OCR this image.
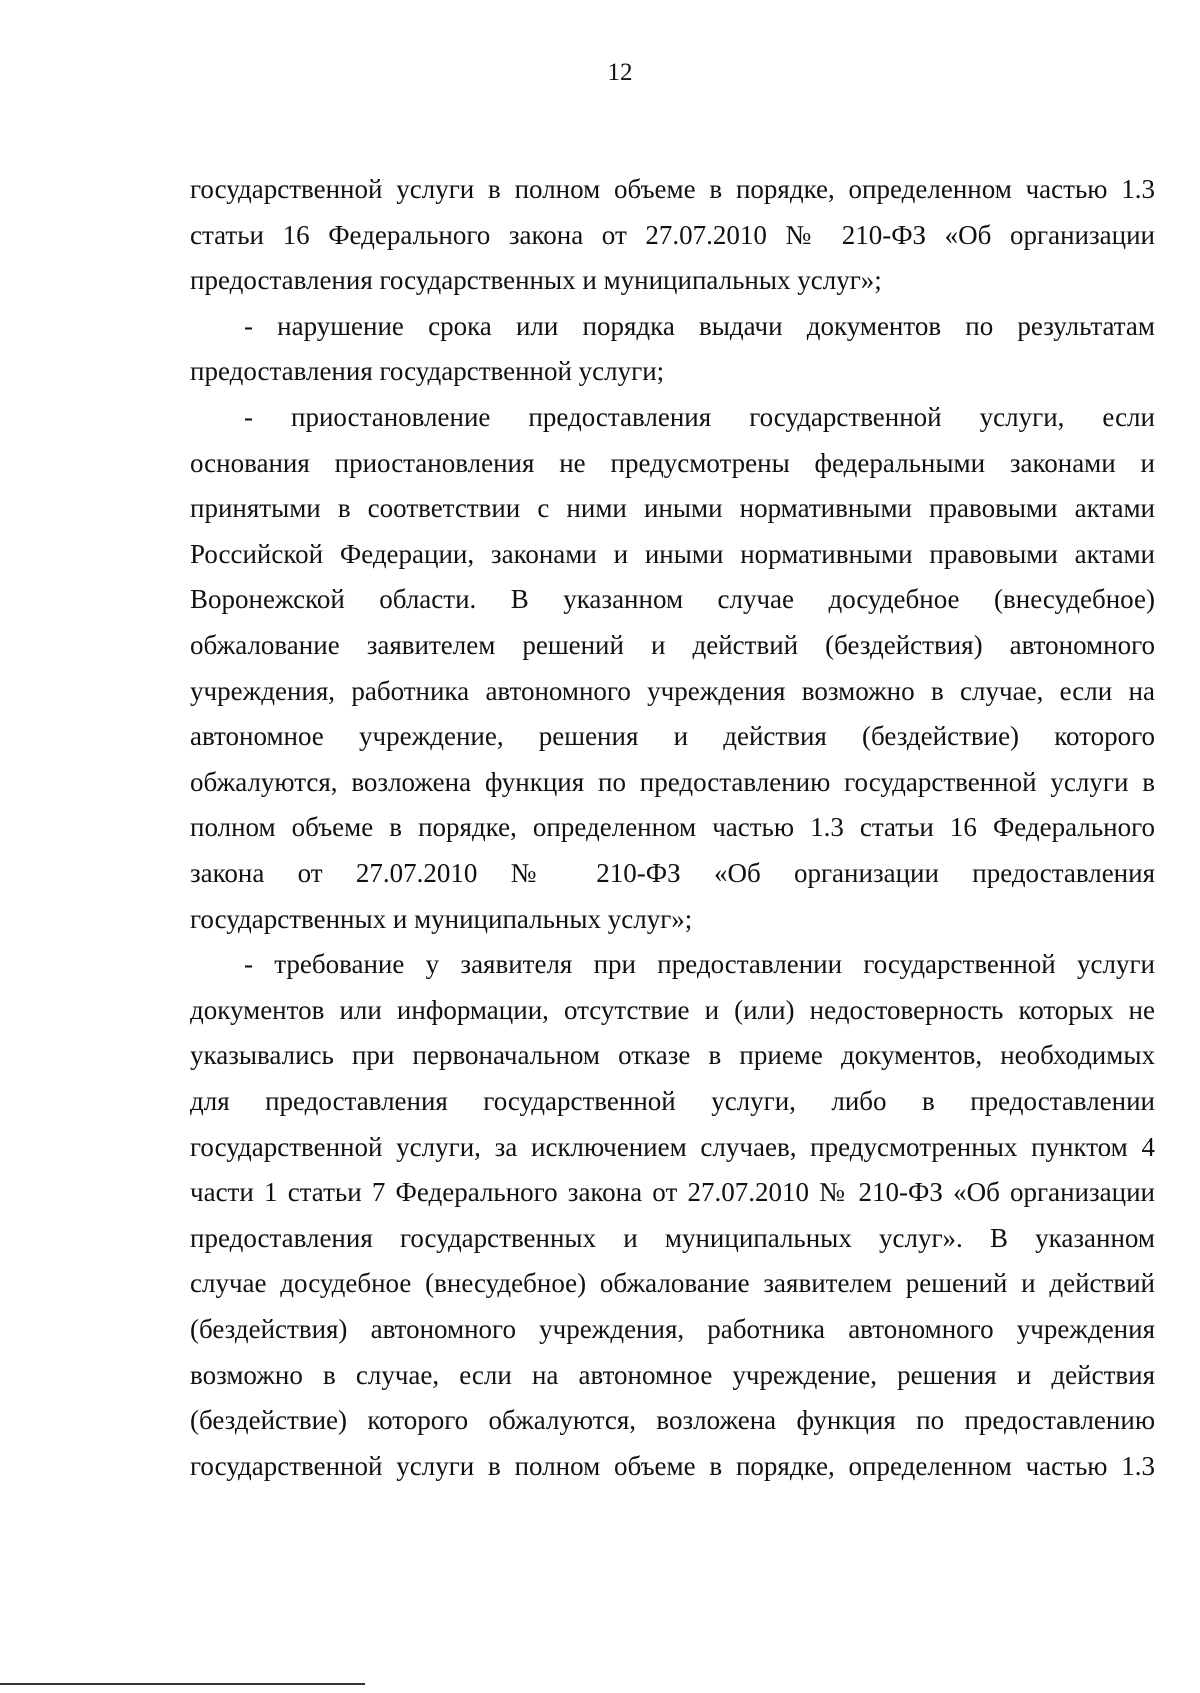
12
государственной услуги в полном объеме в порядке, определенном частью 1.3
статьи 16 Федерального закона от 27.07.2010 № 210-ФЗ «Об организации
предоставления государственных и муниципальных услуг»;
- нарушение срока или порядка выдачи документов по результатам
предоставления государственной услуги;
- приостановление предоставления государственной услуги, если
основания приостановления не предусмотрены федеральными законами и
принятыми в соответствии с ними иными нормативными правовыми актами
Российской Федерации, законами и иными нормативными правовыми актами
Воронежской области. В указанном случае досудебное (внесудебное)
обжалование заявителем решений и действий (бездействия) автономного
учреждения, работника автономного учреждения возможно в случае, если на
автономное учреждение, решения и действия (бездействие) которого
обжалуются, возложена функция по предоставлению государственной услуги в
полном объеме в порядке, определенном частью 1.3 статьи 16 Федерального
закона от 27.07.2010 № 210-ФЗ «Об организации предоставления
государственных и муниципальных услуг»;
- требование у заявителя при предоставлении государственной услуги
документов или информации, отсутствие и (или) недостоверность которых не
указывались при первоначальном отказе в приеме документов, необходимых
для предоставления государственной услуги, либо в предоставлении
государственной услуги, за исключением случаев, предусмотренных пунктом 4
части 1 статьи 7 Федерального закона от 27.07.2010 № 210-ФЗ «Об организации
предоставления государственных и муниципальных услуг». В указанном
случае досудебное (внесудебное) обжалование заявителем решений и действий
(бездействия) автономного учреждения, работника автономного учреждения
возможно в случае, если на автономное учреждение, решения и действия
(бездействие) которого обжалуются, возложена функция по предоставлению
государственной услуги в полном объеме в порядке, определенном частью 1.3
